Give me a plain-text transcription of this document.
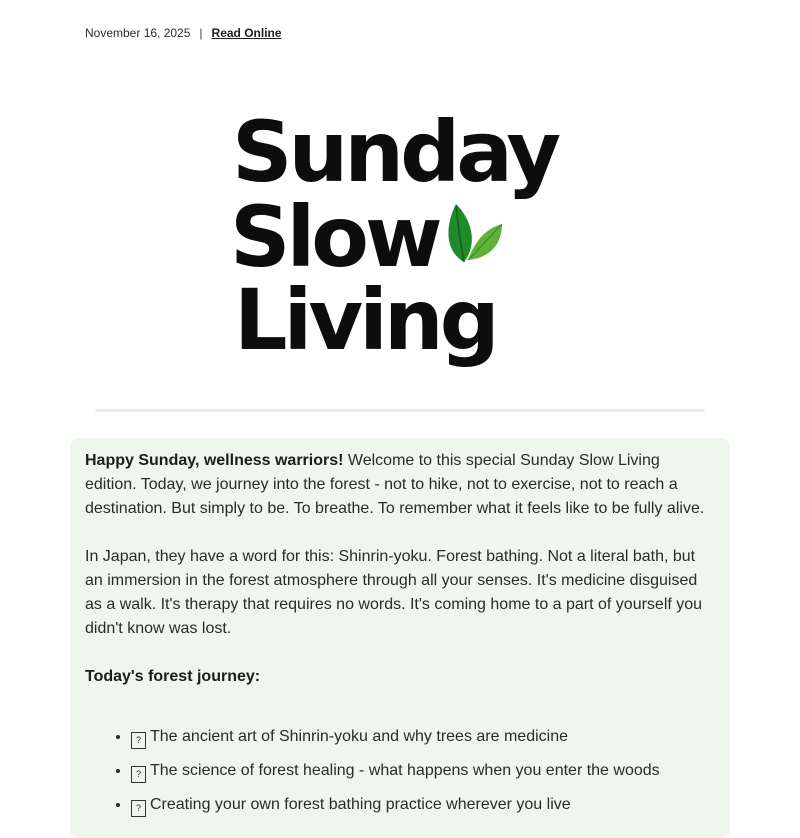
November 16, 2025 | Read Online
Sunday
Slow
Living

Happy Sunday, wellness warriors! Welcome to this special Sunday Slow Living edition. Today, we journey into the forest - not to hike, not to exercise, not to reach a destination. But simply to be. To breathe. To remember what it feels like to be fully alive.

In Japan, they have a word for this: Shinrin-yoku. Forest bathing. Not a literal bath, but an immersion in the forest atmosphere through all your senses. It's medicine disguised as a walk. It's therapy that requires no words. It's coming home to a part of yourself you didn't know was lost.

Today's forest journey:

• ? The ancient art of Shinrin-yoku and why trees are medicine
• ? The science of forest healing - what happens when you enter the woods
• ? Creating your own forest bathing practice wherever you live
